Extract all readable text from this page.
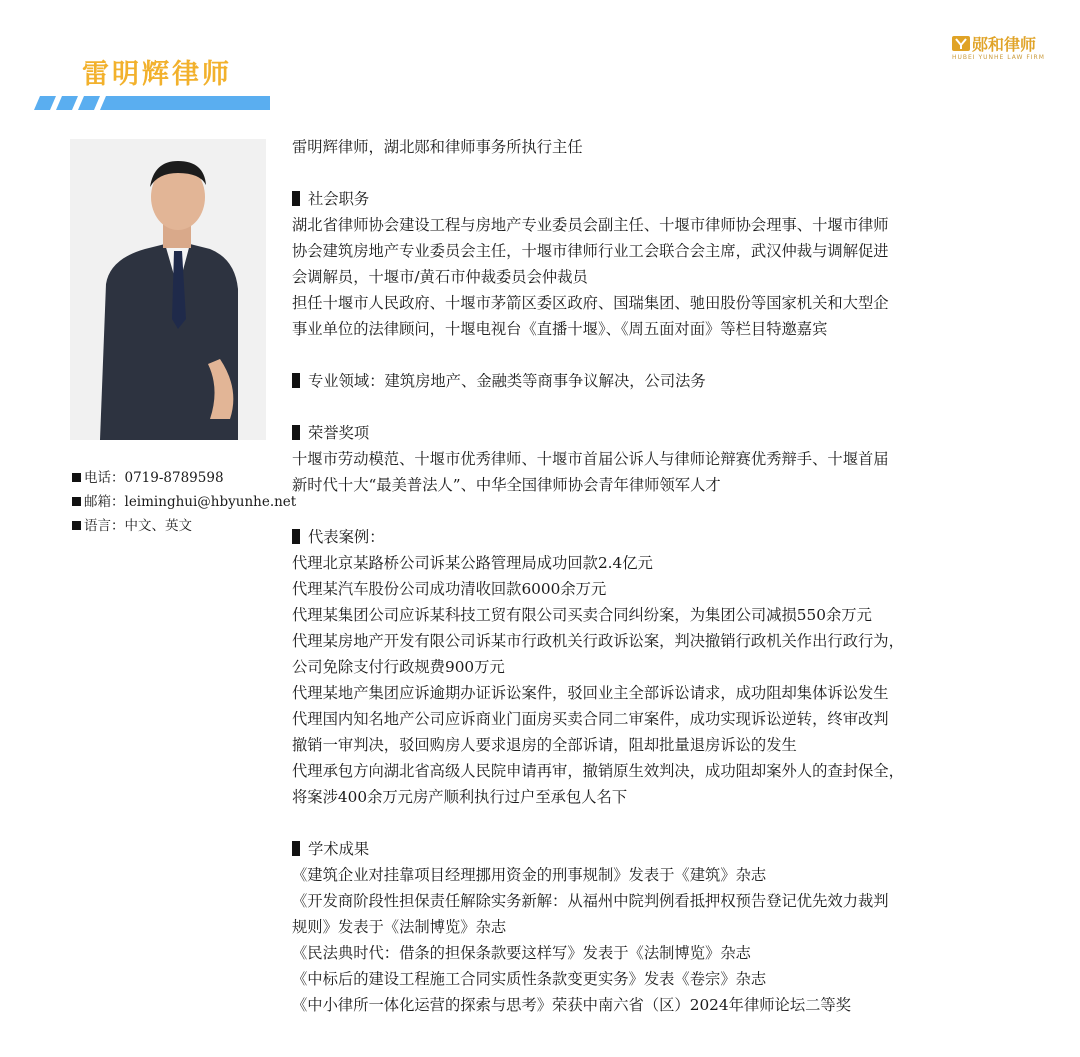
雷明辉律师
郧和律师
HUBEI YUNHE LAW FIRM
电话：0719-8789598
邮箱：leiminghui@hbyunhe.net
语言：中文、英文
雷明辉律师，湖北郧和律师事务所执行主任
社会职务
湖北省律师协会建设工程与房地产专业委员会副主任、十堰市律师协会理事、十堰市律师
协会建筑房地产专业委员会主任，十堰市律师行业工会联合会主席，武汉仲裁与调解促进
会调解员，十堰市/黄石市仲裁委员会仲裁员
担任十堰市人民政府、十堰市茅箭区委区政府、国瑞集团、驰田股份等国家机关和大型企
事业单位的法律顾问，十堰电视台《直播十堰》、《周五面对面》等栏目特邀嘉宾
专业领域：建筑房地产、金融类等商事争议解决，公司法务
荣誉奖项
十堰市劳动模范、十堰市优秀律师、十堰市首届公诉人与律师论辩赛优秀辩手、十堰首届
新时代十大“最美普法人”、中华全国律师协会青年律师领军人才
代表案例：
代理北京某路桥公司诉某公路管理局成功回款2.4亿元
代理某汽车股份公司成功清收回款6000余万元
代理某集团公司应诉某科技工贸有限公司买卖合同纠纷案，为集团公司减损550余万元
代理某房地产开发有限公司诉某市行政机关行政诉讼案，判决撤销行政机关作出行政行为，
公司免除支付行政规费900万元
代理某地产集团应诉逾期办证诉讼案件，驳回业主全部诉讼请求，成功阻却集体诉讼发生
代理国内知名地产公司应诉商业门面房买卖合同二审案件，成功实现诉讼逆转，终审改判
撤销一审判决，驳回购房人要求退房的全部诉请，阻却批量退房诉讼的发生
代理承包方向湖北省高级人民院申请再审，撤销原生效判决，成功阻却案外人的查封保全，
将案涉400余万元房产顺利执行过户至承包人名下
学术成果
《建筑企业对挂靠项目经理挪用资金的刑事规制》发表于《建筑》杂志
《开发商阶段性担保责任解除实务新解：从福州中院判例看抵押权预告登记优先效力裁判
规则》发表于《法制博览》杂志
《民法典时代：借条的担保条款要这样写》发表于《法制博览》杂志
《中标后的建设工程施工合同实质性条款变更实务》发表《卷宗》杂志
《中小律所一体化运营的探索与思考》荣获中南六省（区）2024年律师论坛二等奖
